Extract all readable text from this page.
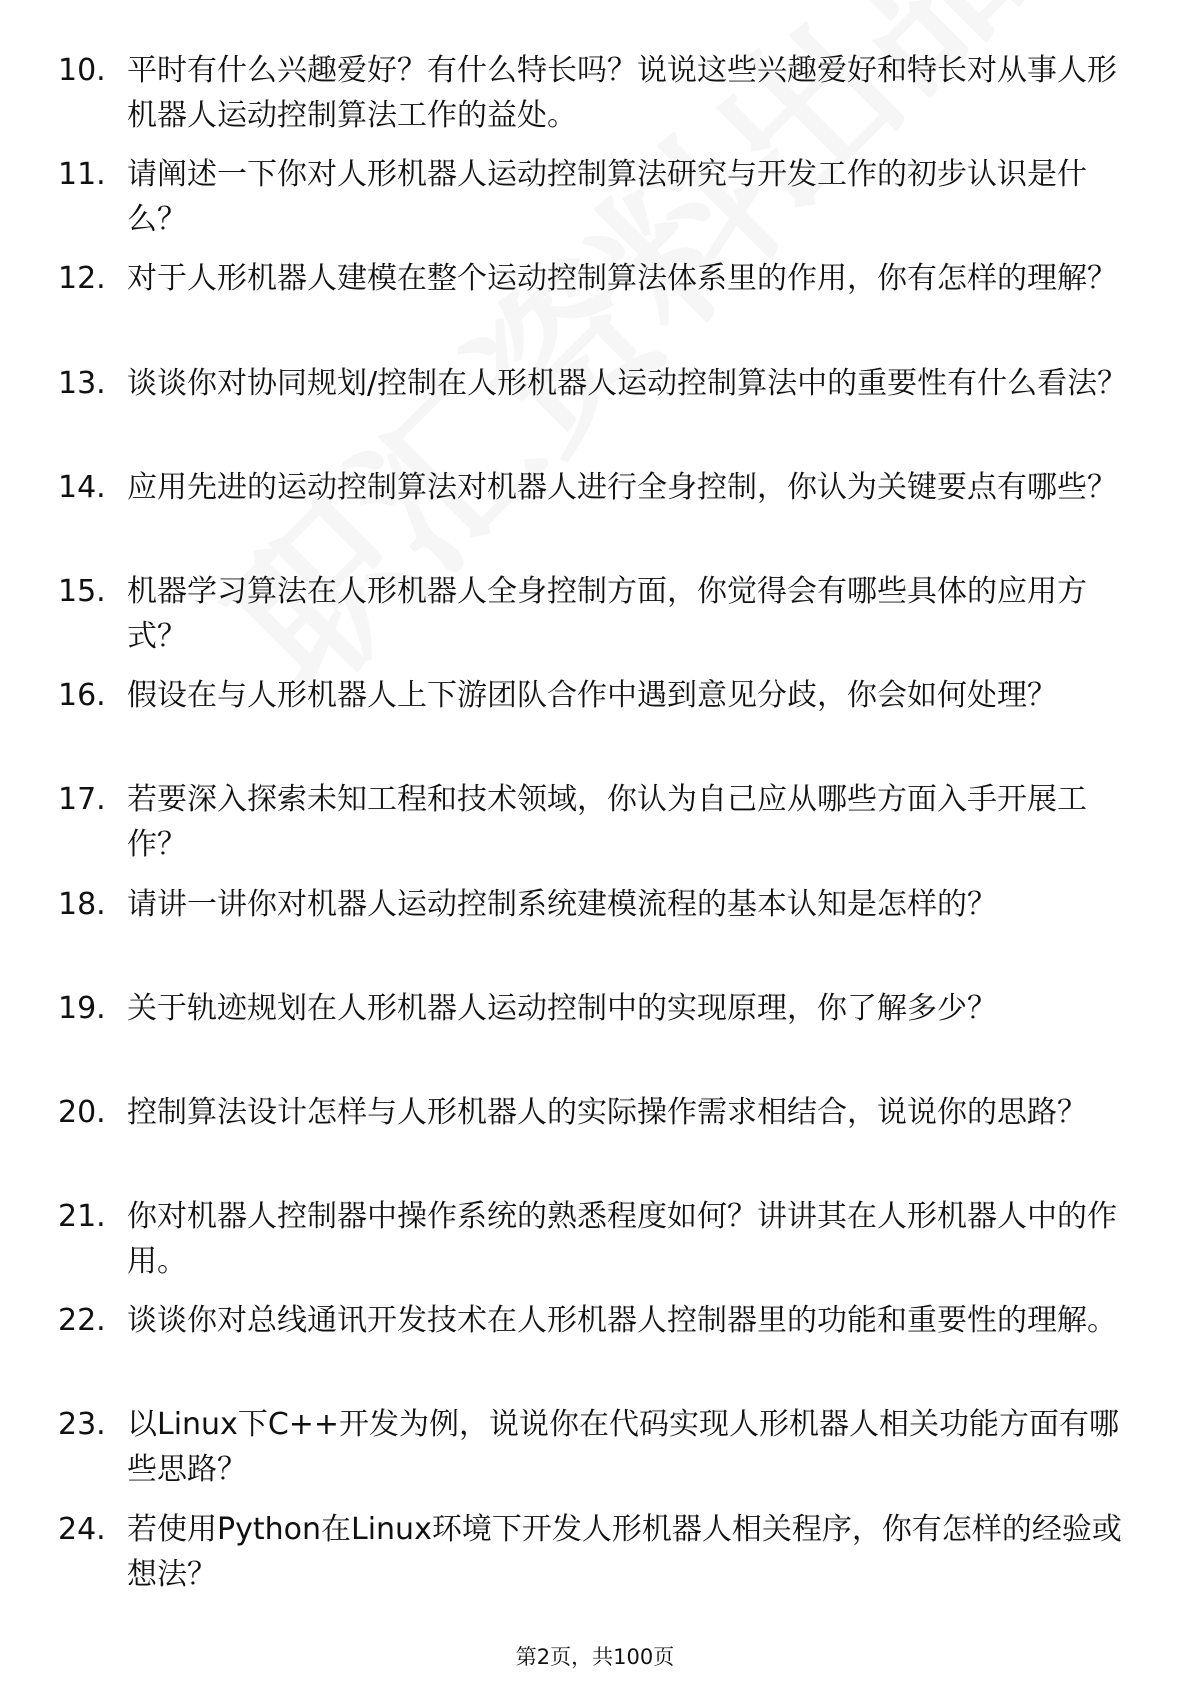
10. 平时有什么兴趣爱好？有什么特长吗？说说这些兴趣爱好和特长对从事人形机器人运动控制算法工作的益处。
11. 请阐述一下你对人形机器人运动控制算法研究与开发工作的初步认识是什么？
12. 对于人形机器人建模在整个运动控制算法体系里的作用，你有怎样的理解？
13. 谈谈你对协同规划/控制在人形机器人运动控制算法中的重要性有什么看法？
14. 应用先进的运动控制算法对机器人进行全身控制，你认为关键要点有哪些？
15. 机器学习算法在人形机器人全身控制方面，你觉得会有哪些具体的应用方式？
16. 假设在与人形机器人上下游团队合作中遇到意见分歧，你会如何处理？
17. 若要深入探索未知工程和技术领域，你认为自己应从哪些方面入手开展工作？
18. 请讲一讲你对机器人运动控制系统建模流程的基本认知是怎样的？
19. 关于轨迹规划在人形机器人运动控制中的实现原理，你了解多少？
20. 控制算法设计怎样与人形机器人的实际操作需求相结合，说说你的思路？
21. 你对机器人控制器中操作系统的熟悉程度如何？讲讲其在人形机器人中的作用。
22. 谈谈你对总线通讯开发技术在人形机器人控制器里的功能和重要性的理解。
23. 以Linux下C++开发为例，说说你在代码实现人形机器人相关功能方面有哪些思路？
24. 若使用Python在Linux环境下开发人形机器人相关程序，你有怎样的经验或想法？
第2页，共100页
